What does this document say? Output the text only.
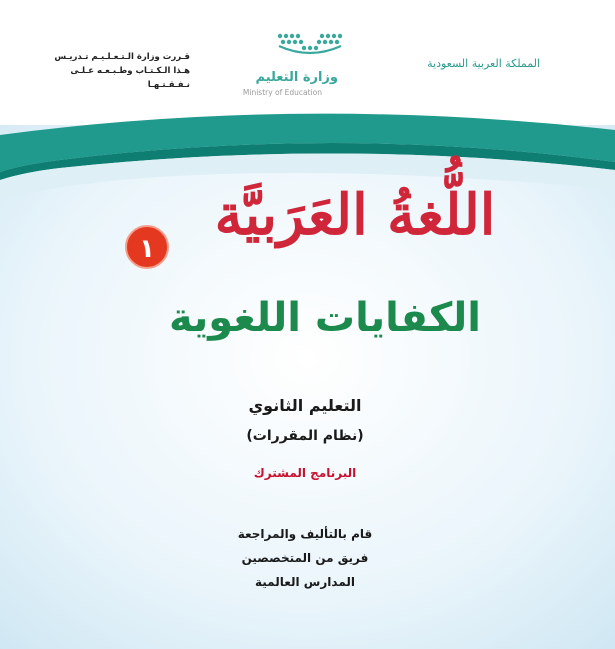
المملكة العربية السعودية
قـررت وزارة الـتـعـلـيـم تـدريـس
هـذا الـكـتـاب وطـبـعـه عـلـى نـفـقـتـهـا	وزارة التعليم
Ministry of Education
اللُّغةُ العَرَبيَّة
١
الكفايات اللغوية
التعليم الثانوي
(نظام المقررات)
البرنامج المشترك
قام بالتأليف والمراجعة
فريق من المتخصصين
المدارس العالمية
